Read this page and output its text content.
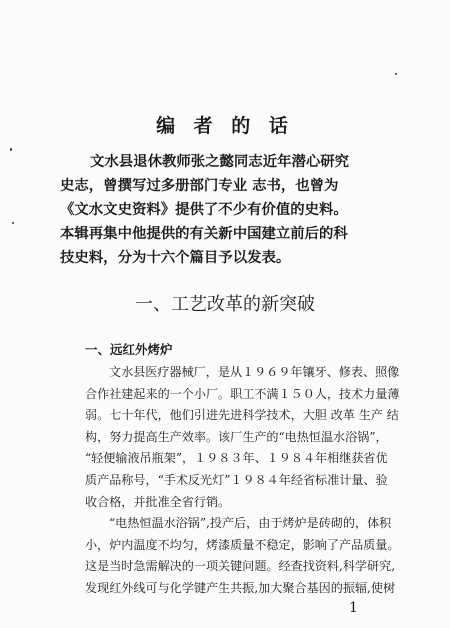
编 者 的 话
文水县退休教师张之懿同志近年潜心研究
史志，曾撰写过多册部门专业 志书，也曾为
《文水文史资料》提供了不少有价值的史料。
本辑再集中他提供的有关新中国建立前后的科
技史料，分为十六个篇目予以发表。
一、工艺改革的新突破
一、远红外烤炉
文水县医疗器械厂，是从１９６９年镶牙、修表、照像
合作社建起来的一个小厂。职工不满１５０人，技术力量薄
弱。七十年代，他们引进先进科学技术，大胆 改革 生产 结
构，努力提高生产效率。该厂生产的“电热恒温水浴锅”，
“轻便输液吊瓶架”，１９８３年、１９８４年相继获省优
质产品称号，“手术反光灯”１９８４年经省标准计量、验
收合格，并批准全省行销。
“电热恒温水浴锅”,投产后，由于烤炉是砖砌的，体积
小，炉内温度不均匀，烤漆质量不稳定，影响了产品质量。
这是当时急需解决的一项关键问题。经查找资料,科学研究,
发现红外线可与化学键产生共振,加大聚合基因的振辐,使树
1
